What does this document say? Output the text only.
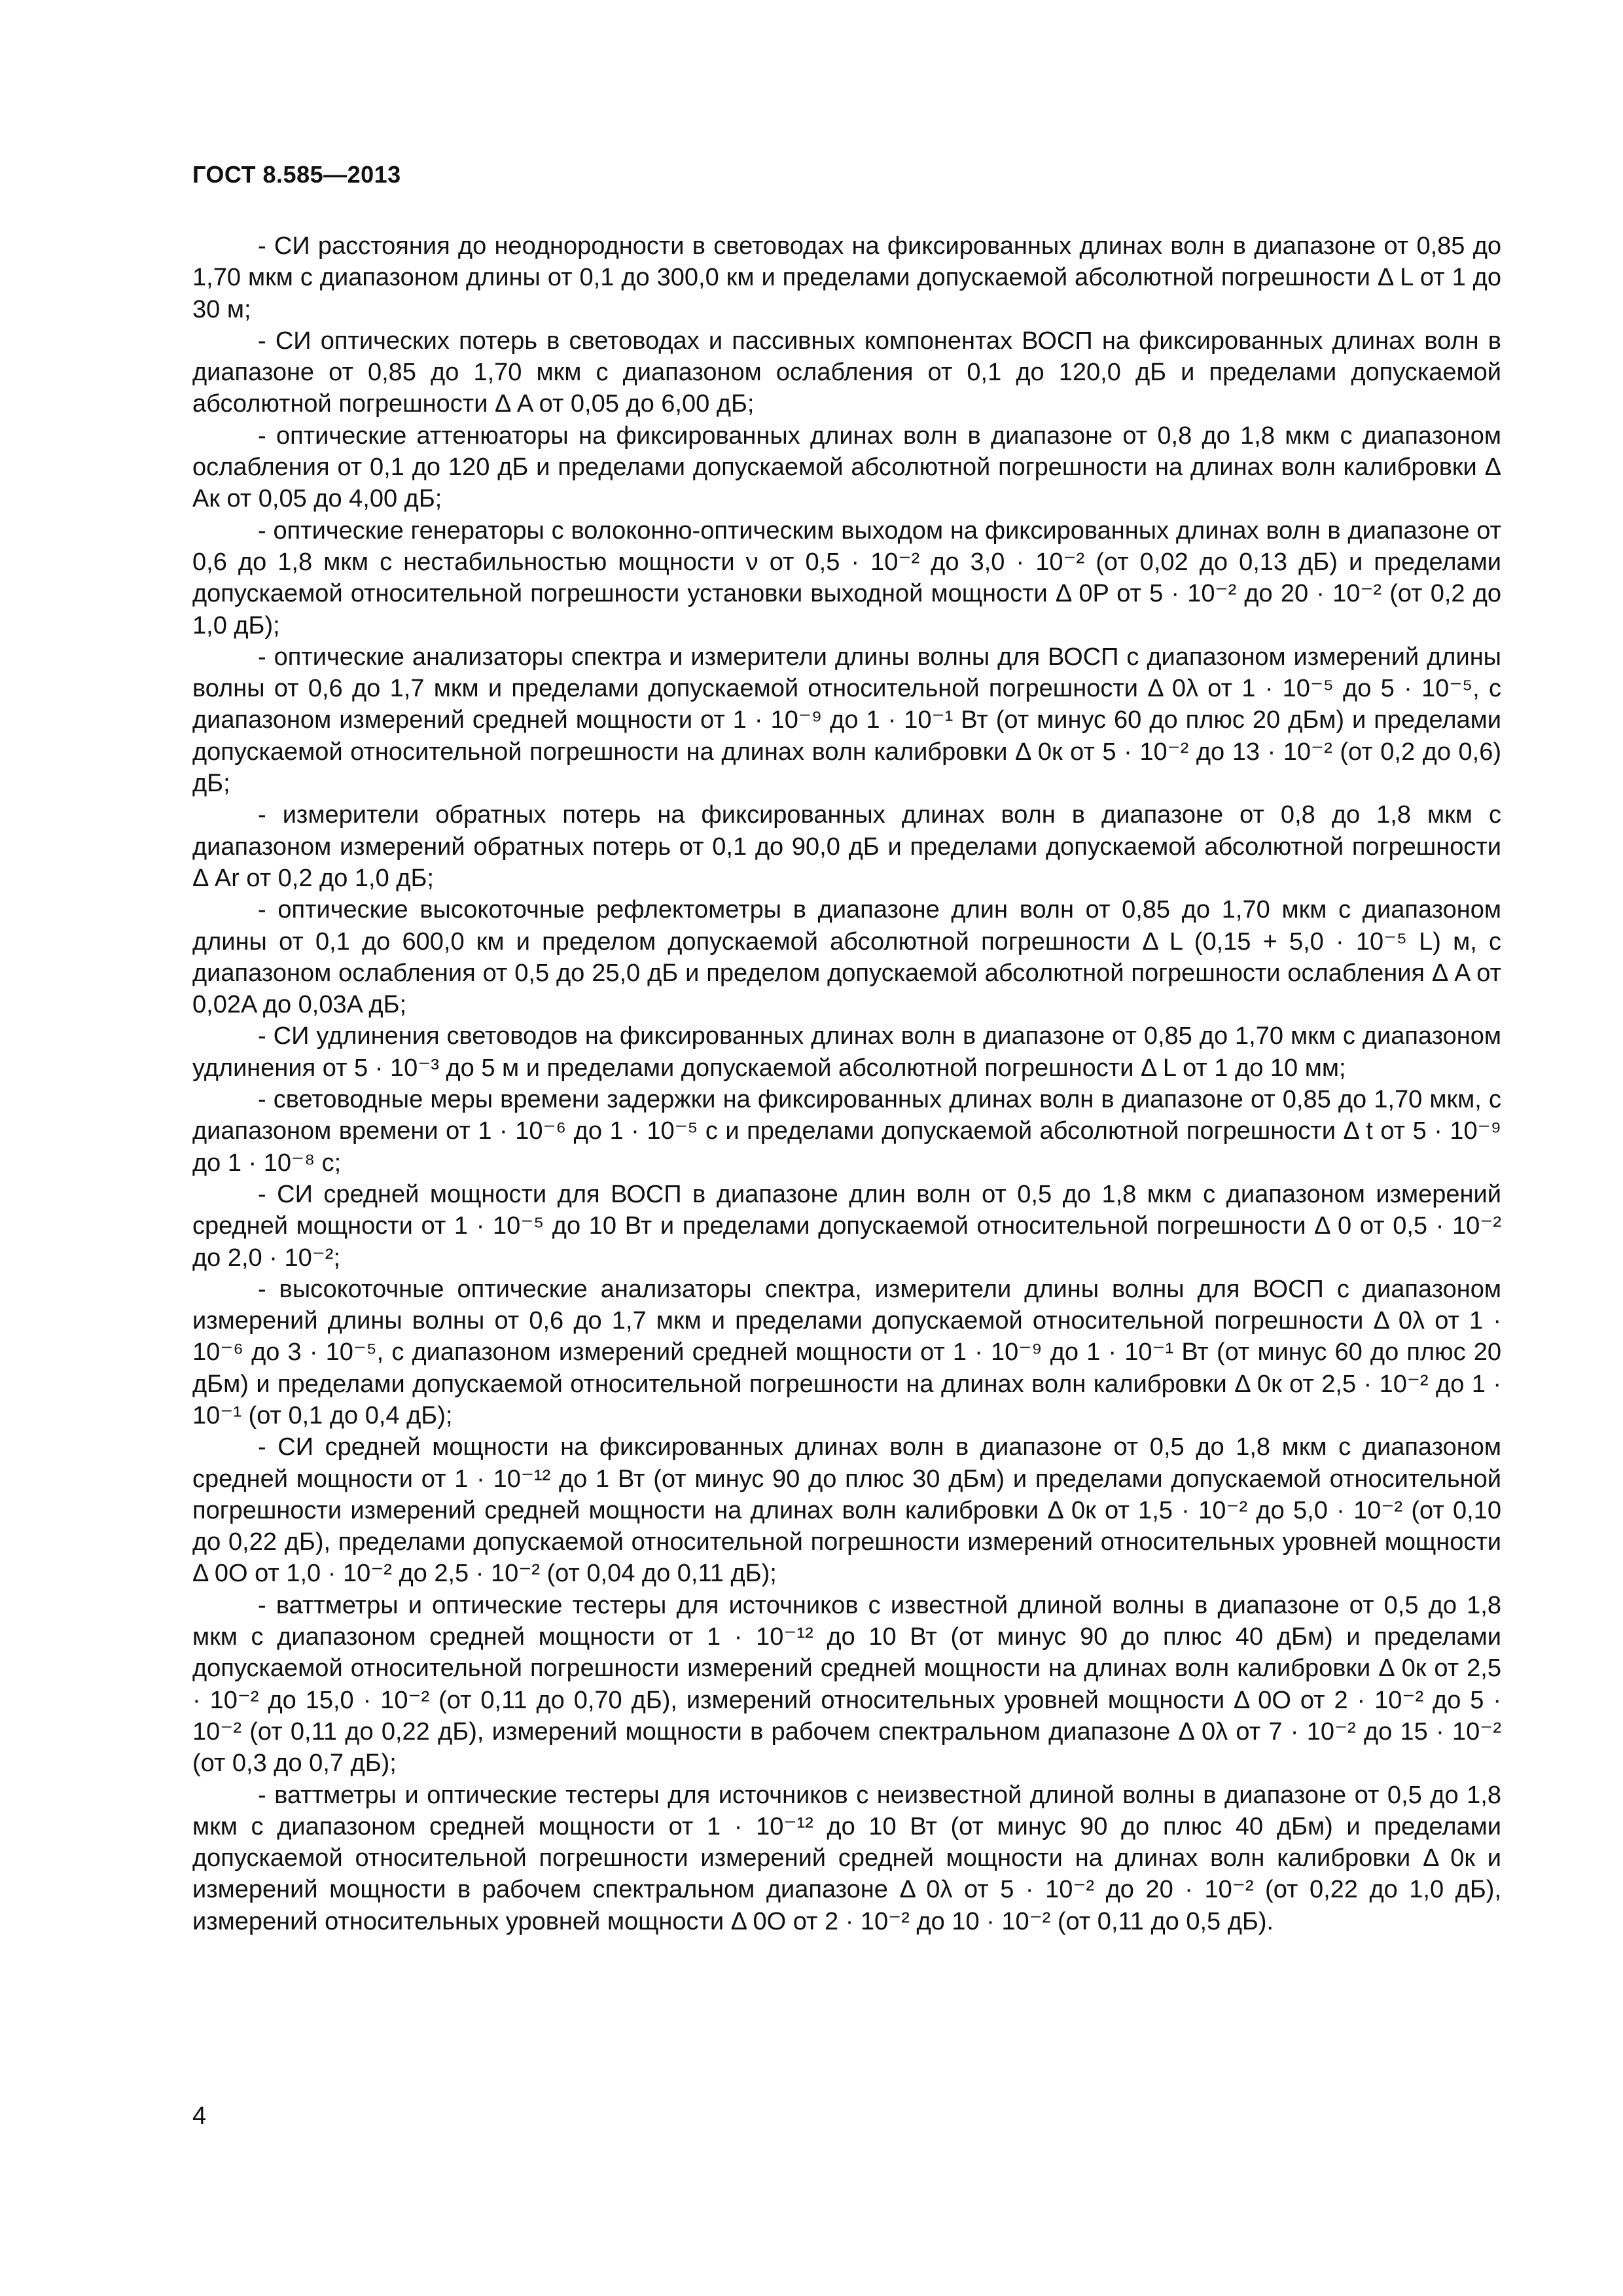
ГОСТ 8.585—2013

- СИ расстояния до неоднородности в световодах на фиксированных длинах волн в диапазоне от 0,85 до 1,70 мкм с диапазоном длины от 0,1 до 300,0 км и пределами допускаемой абсолютной погрешности Δ L от 1 до 30 м;

- СИ оптических потерь в световодах и пассивных компонентах ВОСП на фиксированных длинах волн в диапазоне от 0,85 до 1,70 мкм с диапазоном ослабления от 0,1 до 120,0 дБ и пределами допускаемой абсолютной погрешности Δ A от 0,05 до 6,00 дБ;

- оптические аттенюаторы на фиксированных длинах волн в диапазоне от 0,8 до 1,8 мкм с диапазоном ослабления от 0,1 до 120 дБ и пределами допускаемой абсолютной погрешности на длинах волн калибровки Δ Aк от 0,05 до 4,00 дБ;

- оптические генераторы с волоконно-оптическим выходом на фиксированных длинах волн в диапазоне от 0,6 до 1,8 мкм с нестабильностью мощности ν от 0,5 · 10⁻² до 3,0 · 10⁻² (от 0,02 до 0,13 дБ) и пределами допускаемой относительной погрешности установки выходной мощности Δ 0P от 5 · 10⁻² до 20 · 10⁻² (от 0,2 до 1,0 дБ);

- оптические анализаторы спектра и измерители длины волны для ВОСП с диапазоном измерений длины волны от 0,6 до 1,7 мкм и пределами допускаемой относительной погрешности Δ 0λ от 1 · 10⁻⁵ до 5 · 10⁻⁵, с диапазоном измерений средней мощности от 1 · 10⁻⁹ до 1 · 10⁻¹ Вт (от минус 60 до плюс 20 дБм) и пределами допускаемой относительной погрешности на длинах волн калибровки Δ 0к от 5 · 10⁻² до 13 · 10⁻² (от 0,2 до 0,6) дБ;

- измерители обратных потерь на фиксированных длинах волн в диапазоне от 0,8 до 1,8 мкм с диапазоном измерений обратных потерь от 0,1 до 90,0 дБ и пределами допускаемой абсолютной погрешности Δ Ar от 0,2 до 1,0 дБ;

- оптические высокоточные рефлектометры в диапазоне длин волн от 0,85 до 1,70 мкм с диапазоном длины от 0,1 до 600,0 км и пределом допускаемой абсолютной погрешности Δ L (0,15 + 5,0 · 10⁻⁵ L) м, с диапазоном ослабления от 0,5 до 25,0 дБ и пределом допускаемой абсолютной погрешности ослабления Δ A от 0,02A до 0,03A дБ;

- СИ удлинения световодов на фиксированных длинах волн в диапазоне от 0,85 до 1,70 мкм с диапазоном удлинения от 5 · 10⁻³ до 5 м и пределами допускаемой абсолютной погрешности Δ L от 1 до 10 мм;

- световодные меры времени задержки на фиксированных длинах волн в диапазоне от 0,85 до 1,70 мкм, с диапазоном времени от 1 · 10⁻⁶ до 1 · 10⁻⁵ с и пределами допускаемой абсолютной погрешности Δ t от 5 · 10⁻⁹ до 1 · 10⁻⁸ с;

- СИ средней мощности для ВОСП в диапазоне длин волн от 0,5 до 1,8 мкм с диапазоном измерений средней мощности от 1 · 10⁻⁵ до 10 Вт и пределами допускаемой относительной погрешности Δ 0 от 0,5 · 10⁻² до 2,0 · 10⁻²;

- высокоточные оптические анализаторы спектра, измерители длины волны для ВОСП с диапазоном измерений длины волны от 0,6 до 1,7 мкм и пределами допускаемой относительной погрешности Δ 0λ от 1 · 10⁻⁶ до 3 · 10⁻⁵, с диапазоном измерений средней мощности от 1 · 10⁻⁹ до 1 · 10⁻¹ Вт (от минус 60 до плюс 20 дБм) и пределами допускаемой относительной погрешности на длинах волн калибровки Δ 0к от 2,5 · 10⁻² до 1 · 10⁻¹ (от 0,1 до 0,4 дБ);

- СИ средней мощности на фиксированных длинах волн в диапазоне от 0,5 до 1,8 мкм с диапазоном средней мощности от 1 · 10⁻¹² до 1 Вт (от минус 90 до плюс 30 дБм) и пределами допускаемой относительной погрешности измерений средней мощности на длинах волн калибровки Δ 0к от 1,5 · 10⁻² до 5,0 · 10⁻² (от 0,10 до 0,22 дБ), пределами допускаемой относительной погрешности измерений относительных уровней мощности Δ 0O от 1,0 · 10⁻² до 2,5 · 10⁻² (от 0,04 до 0,11 дБ);

- ваттметры и оптические тестеры для источников с известной длиной волны в диапазоне от 0,5 до 1,8 мкм с диапазоном средней мощности от 1 · 10⁻¹² до 10 Вт (от минус 90 до плюс 40 дБм) и пределами допускаемой относительной погрешности измерений средней мощности на длинах волн калибровки Δ 0к от 2,5 · 10⁻² до 15,0 · 10⁻² (от 0,11 до 0,70 дБ), измерений относительных уровней мощности Δ 0O от 2 · 10⁻² до 5 · 10⁻² (от 0,11 до 0,22 дБ), измерений мощности в рабочем спектральном диапазоне Δ 0λ от 7 · 10⁻² до 15 · 10⁻² (от 0,3 до 0,7 дБ);

- ваттметры и оптические тестеры для источников с неизвестной длиной волны в диапазоне от 0,5 до 1,8 мкм с диапазоном средней мощности от 1 · 10⁻¹² до 10 Вт (от минус 90 до плюс 40 дБм) и пределами допускаемой относительной погрешности измерений средней мощности на длинах волн калибровки Δ 0к и измерений мощности в рабочем спектральном диапазоне Δ 0λ от 5 · 10⁻² до 20 · 10⁻² (от 0,22 до 1,0 дБ), измерений относительных уровней мощности Δ 0O от 2 · 10⁻² до 10 · 10⁻² (от 0,11 до 0,5 дБ).

4
